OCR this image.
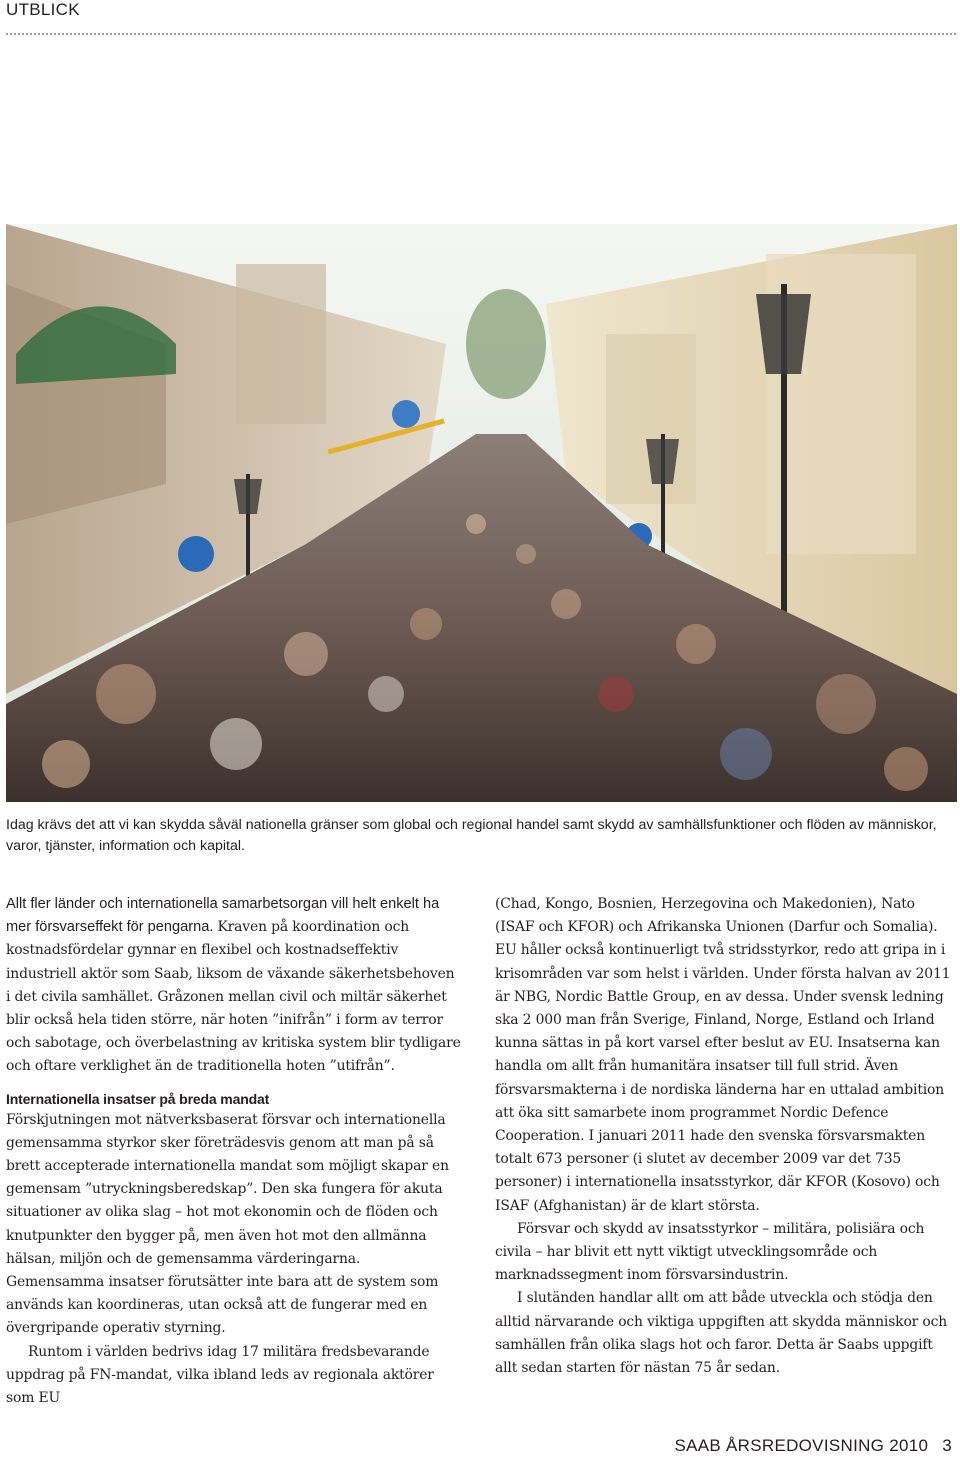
UTBLICK
Idag krävs det att vi kan skydda såväl nationella gränser som global och regional handel samt skydd av samhällsfunktioner och flöden av människor, varor, tjänster, information och kapital.

Allt fler länder och internationella samarbetsorgan vill helt enkelt ha mer försvarseffekt för pengarna. Kraven på koordination och kostnadsfördelar gynnar en flexibel och kostnadseffektiv industriell aktör som Saab, liksom de växande säkerhetsbehoven i det civila samhället. Gråzonen mellan civil och miltär säkerhet blir också hela tiden större, när hoten ”inifrån” i form av terror och sabotage, och överbelastning av kritiska system blir tydligare och oftare verklighet än de traditionella hoten ”utifrån”.

Internationella insatser på breda mandat

Förskjutningen mot nätverksbaserat försvar och internationella gemensamma styrkor sker företrädesvis genom att man på så brett accepterade internationella mandat som möjligt skapar en gemensam ”utryckningsberedskap”. Den ska fungera för akuta situationer av olika slag – hot mot ekonomin och de flöden och knutpunkter den bygger på, men även hot mot den allmänna hälsan, miljön och de gemensamma värderingarna. Gemensamma insatser förutsätter inte bara att de system som används kan koordineras, utan också att de fungerar med en övergripande operativ styrning.

Runtom i världen bedrivs idag 17 militära fredsbevarande uppdrag på FN-mandat, vilka ibland leds av regionala aktörer som EU

(Chad, Kongo, Bosnien, Herzegovina och Makedonien), Nato (ISAF och KFOR) och Afrikanska Unionen (Darfur och Somalia). EU håller också kontinuerligt två stridsstyrkor, redo att gripa in i krisområden var som helst i världen. Under första halvan av 2011 är NBG, Nordic Battle Group, en av dessa. Under svensk ledning ska 2 000 man från Sverige, Finland, Norge, Estland och Irland kunna sättas in på kort varsel efter beslut av EU. Insatserna kan handla om allt från humanitära insatser till full strid. Även försvarsmakterna i de nordiska länderna har en uttalad ambition att öka sitt samarbete inom programmet Nordic Defence Cooperation. I januari 2011 hade den svenska försvarsmakten totalt 673 personer (i slutet av december 2009 var det 735 personer) i internationella insatsstyrkor, där KFOR (Kosovo) och ISAF (Afghanistan) är de klart största.

Försvar och skydd av insatsstyrkor – militära, polisiära och civila – har blivit ett nytt viktigt utvecklingsområde och marknadssegment inom försvarsindustrin.

I slutänden handlar allt om att både utveckla och stödja den alltid närvarande och viktiga uppgiften att skydda människor och samhällen från olika slags hot och faror. Detta är Saabs uppgift allt sedan starten för nästan 75 år sedan.

SAAB ÅRSREDOVISNING 2010 3
